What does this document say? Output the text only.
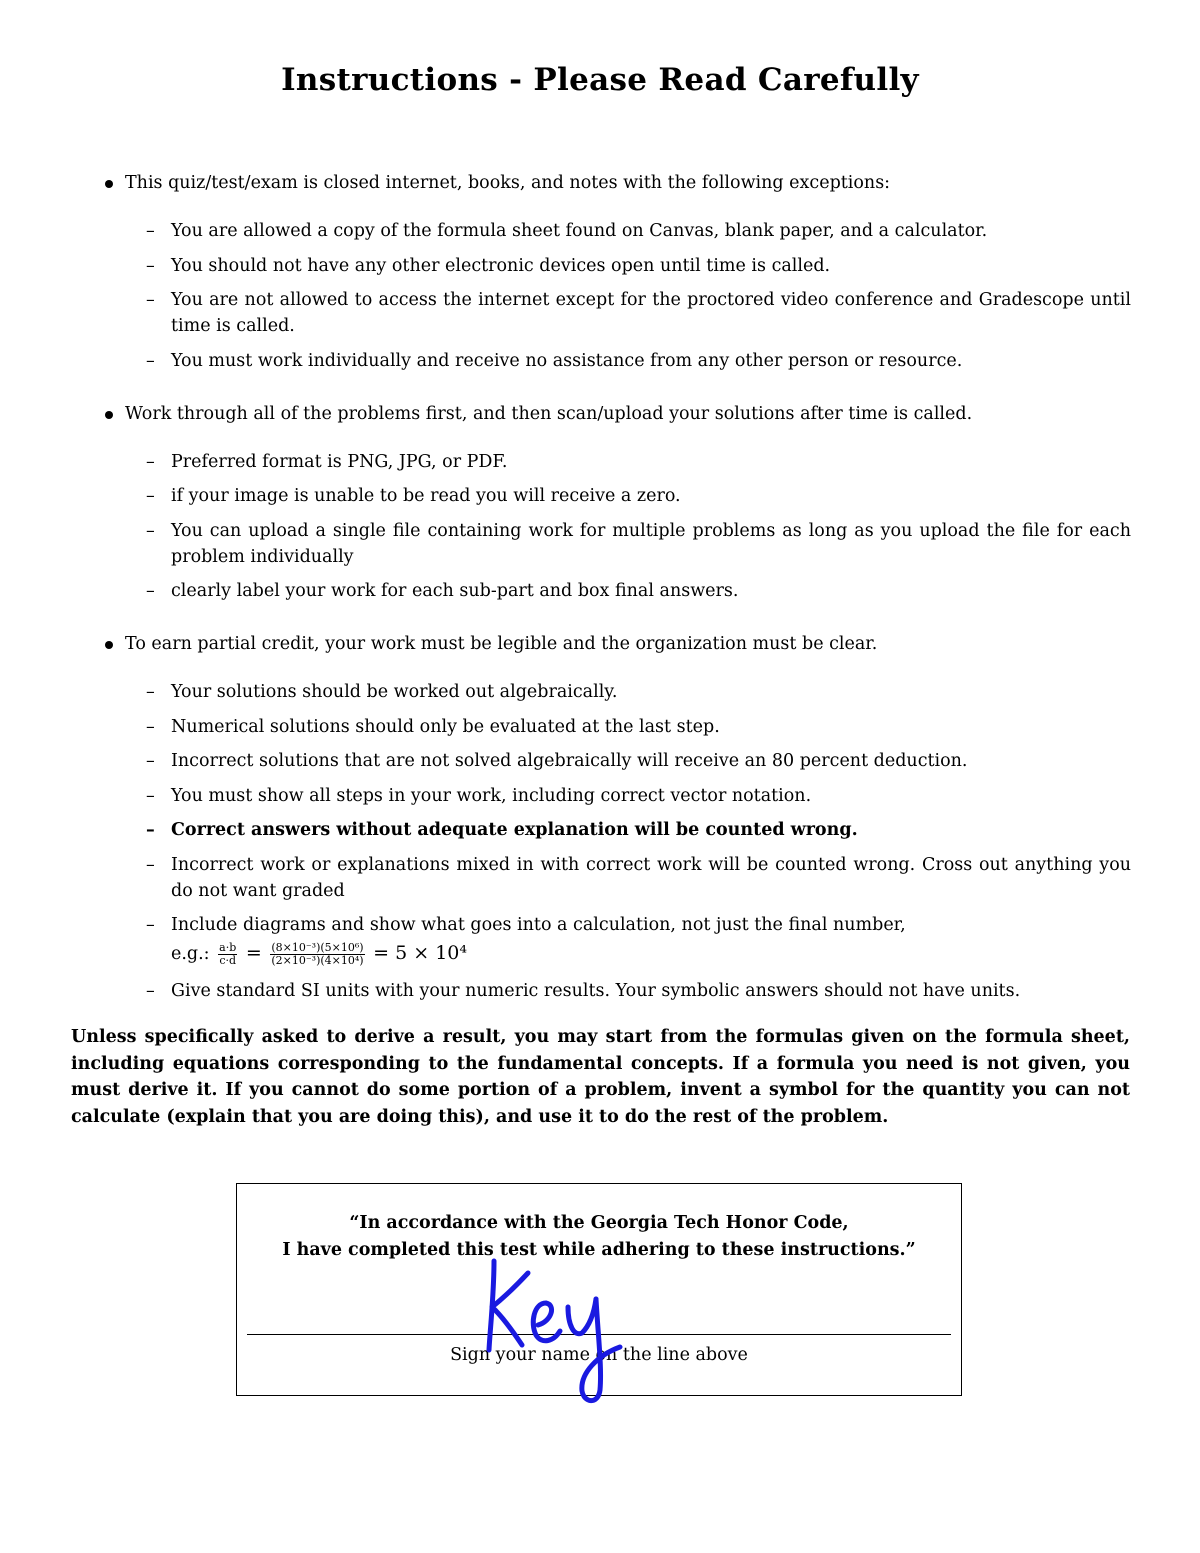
Instructions - Please Read Carefully

This quiz/test/exam is closed internet, books, and notes with the following exceptions:

– You are allowed a copy of the formula sheet found on Canvas, blank paper, and a calculator.
– You should not have any other electronic devices open until time is called.
– You are not allowed to access the internet except for the proctored video conference and Gradescope until time is called.
– You must work individually and receive no assistance from any other person or resource.

Work through all of the problems first, and then scan/upload your solutions after time is called.

– Preferred format is PNG, JPG, or PDF.
– if your image is unable to be read you will receive a zero.
– You can upload a single file containing work for multiple problems as long as you upload the file for each problem individually
– clearly label your work for each sub-part and box final answers.

To earn partial credit, your work must be legible and the organization must be clear.

– Your solutions should be worked out algebraically.
– Numerical solutions should only be evaluated at the last step.
– Incorrect solutions that are not solved algebraically will receive an 80 percent deduction.
– You must show all steps in your work, including correct vector notation.
– Correct answers without adequate explanation will be counted wrong.
– Incorrect work or explanations mixed in with correct work will be counted wrong. Cross out anything you do not want graded
– Include diagrams and show what goes into a calculation, not just the final number,
e.g.: $\frac{a\cdot b}{c\cdot d} = \frac{\text{(8×10⁻³)(5×10⁶)}}{\text{(2×10⁻³)(4×10⁴)}} = 5 \times 10^4$
– Give standard SI units with your numeric results. Your symbolic answers should not have units.

Unless specifically asked to derive a result, you may start from the formulas given on the formula sheet, including equations corresponding to the fundamental concepts. If a formula you need is not given, you must derive it. If you cannot do some portion of a problem, invent a symbol for the quantity you can not calculate (explain that you are doing this), and use it to do the rest of the problem.

“In accordance with the Georgia Tech Honor Code,
I have completed this test while adhering to these instructions.”

Sign your name on the line above
